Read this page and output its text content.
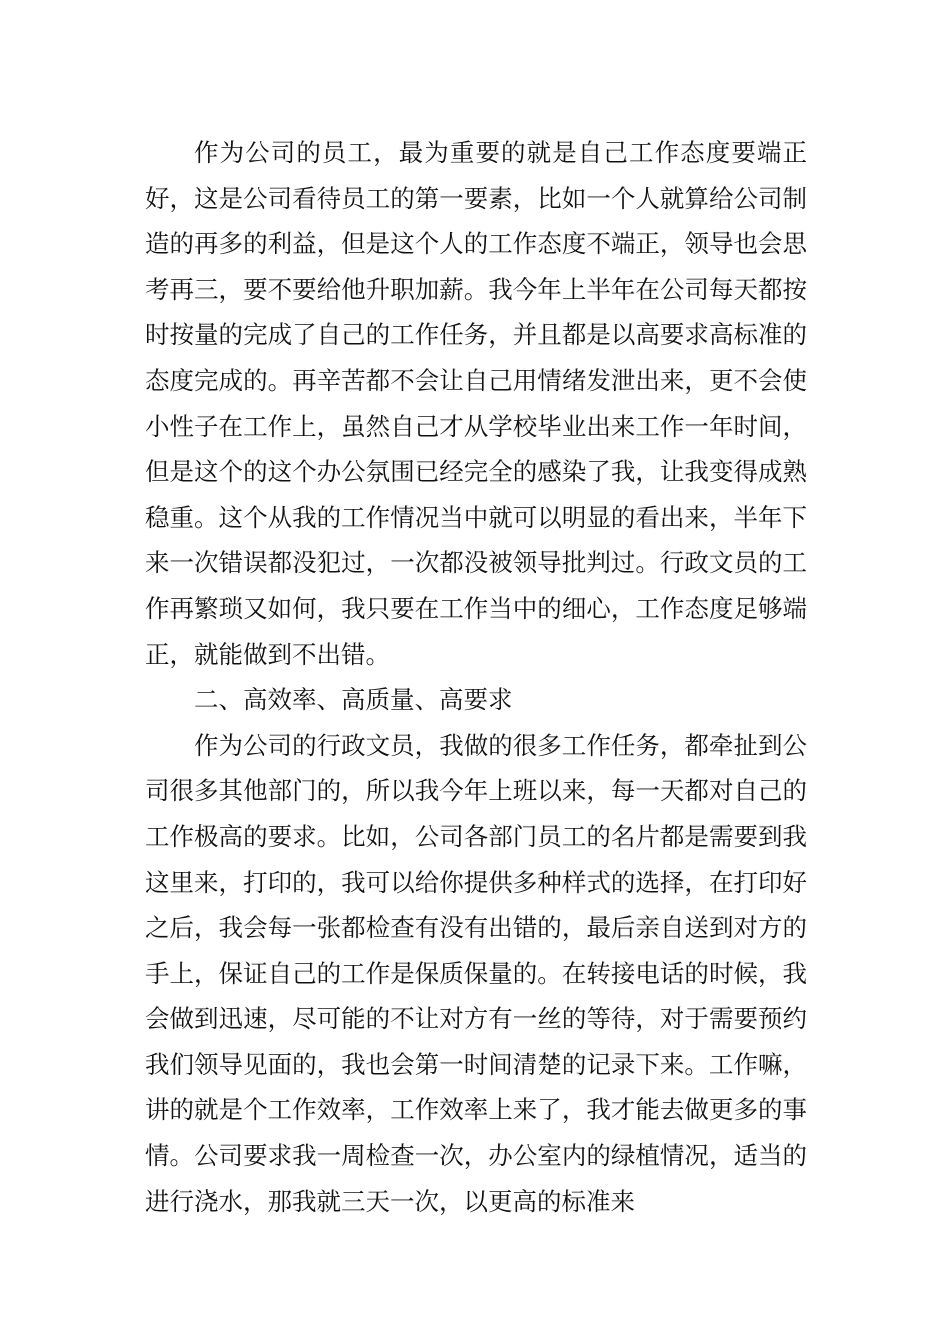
作为公司的员工，最为重要的就是自己工作态度要端正好，这是公司看待员工的第一要素，比如一个人就算给公司制造的再多的利益，但是这个人的工作态度不端正，领导也会思考再三，要不要给他升职加薪。我今年上半年在公司每天都按时按量的完成了自己的工作任务，并且都是以高要求高标准的态度完成的。再辛苦都不会让自己用情绪发泄出来，更不会使小性子在工作上，虽然自己才从学校毕业出来工作一年时间，但是这个的这个办公氛围已经完全的感染了我，让我变得成熟稳重。这个从我的工作情况当中就可以明显的看出来，半年下来一次错误都没犯过，一次都没被领导批判过。行政文员的工作再繁琐又如何，我只要在工作当中的细心，工作态度足够端正，就能做到不出错。

二、高效率、高质量、高要求

作为公司的行政文员，我做的很多工作任务，都牵扯到公司很多其他部门的，所以我今年上班以来，每一天都对自己的工作极高的要求。比如，公司各部门员工的名片都是需要到我这里来，打印的，我可以给你提供多种样式的选择，在打印好之后，我会每一张都检查有没有出错的，最后亲自送到对方的手上，保证自己的工作是保质保量的。在转接电话的时候，我会做到迅速，尽可能的不让对方有一丝的等待，对于需要预约我们领导见面的，我也会第一时间清楚的记录下来。工作嘛，讲的就是个工作效率，工作效率上来了，我才能去做更多的事情。公司要求我一周检查一次，办公室内的绿植情况，适当的进行浇水，那我就三天一次，以更高的标准来
